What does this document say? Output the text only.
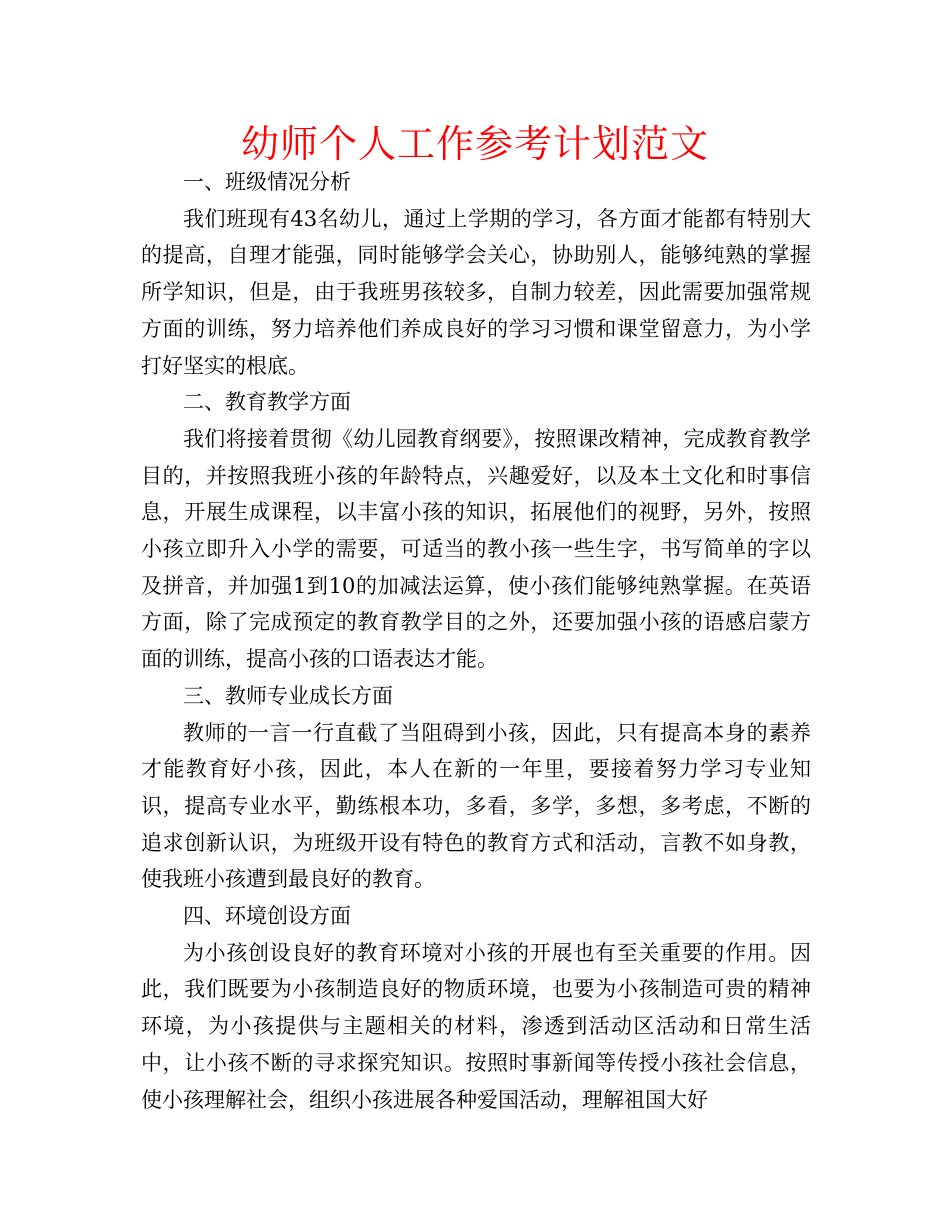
幼师个人工作参考计划范文

一、班级情况分析

我们班现有43名幼儿，通过上学期的学习，各方面才能都有特别大的提高，自理才能强，同时能够学会关心，协助别人，能够纯熟的掌握所学知识，但是，由于我班男孩较多，自制力较差，因此需要加强常规方面的训练，努力培养他们养成良好的学习习惯和课堂留意力，为小学打好坚实的根底。

二、教育教学方面

我们将接着贯彻《幼儿园教育纲要》，按照课改精神，完成教育教学目的，并按照我班小孩的年龄特点，兴趣爱好，以及本土文化和时事信息，开展生成课程，以丰富小孩的知识，拓展他们的视野，另外，按照小孩立即升入小学的需要，可适当的教小孩一些生字，书写简单的字以及拼音，并加强1到10的加减法运算，使小孩们能够纯熟掌握。在英语方面，除了完成预定的教育教学目的之外，还要加强小孩的语感启蒙方面的训练，提高小孩的口语表达才能。

三、教师专业成长方面

教师的一言一行直截了当阻碍到小孩，因此，只有提高本身的素养才能教育好小孩，因此，本人在新的一年里，要接着努力学习专业知识，提高专业水平，勤练根本功，多看，多学，多想，多考虑，不断的追求创新认识，为班级开设有特色的教育方式和活动，言教不如身教，使我班小孩遭到最良好的教育。

四、环境创设方面

为小孩创设良好的教育环境对小孩的开展也有至关重要的作用。因此，我们既要为小孩制造良好的物质环境，也要为小孩制造可贵的精神环境，为小孩提供与主题相关的材料，渗透到活动区活动和日常生活中，让小孩不断的寻求探究知识。按照时事新闻等传授小孩社会信息，使小孩理解社会，组织小孩进展各种爱国活动，理解祖国大好
